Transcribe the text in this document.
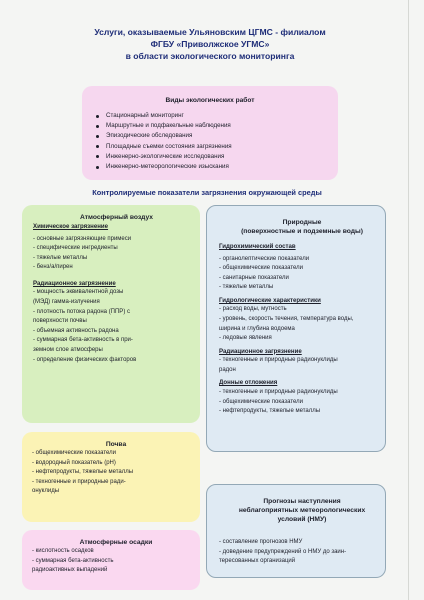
Услуги, оказываемые Ульяновским ЦГМС - филиалом
ФГБУ «Приволжское УГМС»
в области экологического мониторинга
Виды экологических работ
Стационарный мониторинг
Маршрутные и подфакельные наблюдения
Эпизодические обследования
Площадные съемки состояния загрязнения
Инженерно-экологические исследования
Инженерно-метеорологические изыскания
Контролируемые показатели загрязнения окружающей среды
Атмосферный воздух
Химическое загрязнение
- основные загрязняющие примеси
- специфические ингредиенты
- тяжелые металлы
- бенз/а/пирен
Радиационное загрязнение
- мощность эквивалентной дозы
(МЭД) гамма-излучения
- плотность потока радона (ППР) с
поверхности почвы
- объемная активность радона
- суммарная бета-активность в при-
земном слое атмосферы
- определение физических факторов
Почва
- общехимические показатели
- водородный показатель (рН)
- нефтепродукты, тяжелые металлы
- техногенные и природные ради-
онуклиды
Атмосферные осадки
- кислотность осадков
- суммарная бета-активность
радиоактивных выпадений
Природные
(поверхностные и подземные воды)
Гидрохимический состав
- органолептические показатели
- общехимические показатели
- санитарные показатели
- тяжелые металлы
Гидрологические характеристики
- расход воды, мутность
- уровень, скорость течения, температура воды,
ширина и глубина водоема
- ледовые явления
Радиационное загрязнение
- техногенные и природные радионуклиды
радон
Донные отложения
- техногенные и природные радионуклиды
- общехимические показатели
- нефтепродукты, тяжелые металлы
Прогнозы наступления
неблагоприятных метеорологических
условий (НМУ)
- составление прогнозов НМУ
- доведение предупреждений о НМУ до заин-
тересованных организаций
